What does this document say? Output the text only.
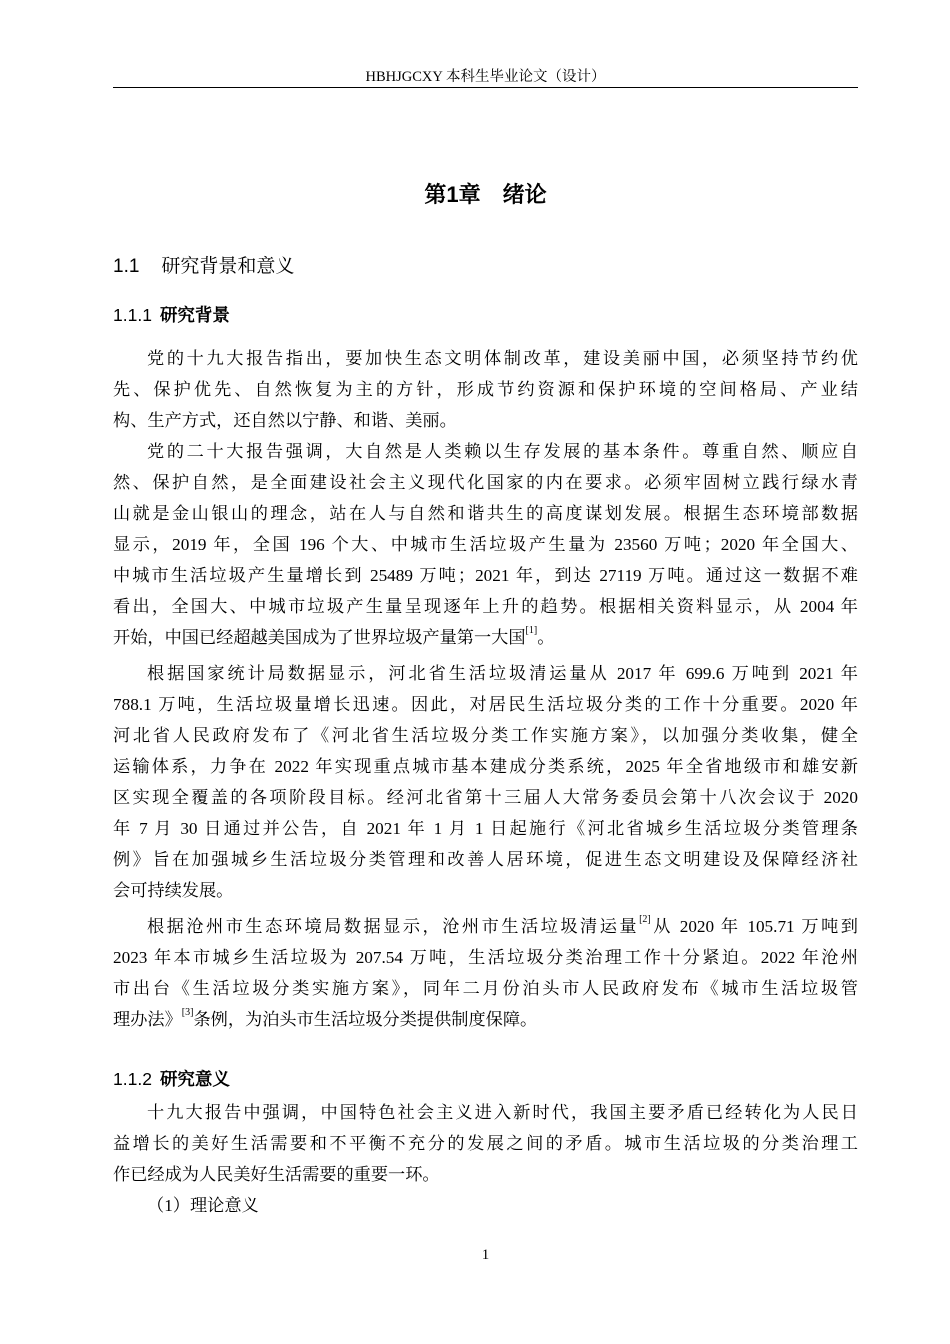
HBHJGCXY 本科生毕业论文（设计）
第1章　绪论
1.1 研究背景和意义
1.1.1 研究背景
党的十九大报告指出，要加快生态文明体制改革，建设美丽中国，必须坚持节约优
先、保护优先、自然恢复为主的方针，形成节约资源和保护环境的空间格局、产业结
构、生产方式，还自然以宁静、和谐、美丽。
党的二十大报告强调，大自然是人类赖以生存发展的基本条件。尊重自然、顺应自
然、保护自然，是全面建设社会主义现代化国家的内在要求。必须牢固树立践行绿水青
山就是金山银山的理念，站在人与自然和谐共生的高度谋划发展。根据生态环境部数据
显示，2019 年，全国 196 个大、中城市生活垃圾产生量为 23560 万吨；2020 年全国大、
中城市生活垃圾产生量增长到 25489 万吨；2021 年，到达 27119 万吨。通过这一数据不难
看出，全国大、中城市垃圾产生量呈现逐年上升的趋势。根据相关资料显示，从 2004 年
开始，中国已经超越美国成为了世界垃圾产量第一大国[1]。
根据国家统计局数据显示，河北省生活垃圾清运量从 2017 年 699.6 万吨到 2021 年
788.1 万吨，生活垃圾量增长迅速。因此，对居民生活垃圾分类的工作十分重要。2020 年
河北省人民政府发布了《河北省生活垃圾分类工作实施方案》，以加强分类收集，健全
运输体系，力争在 2022 年实现重点城市基本建成分类系统，2025 年全省地级市和雄安新
区实现全覆盖的各项阶段目标。经河北省第十三届人大常务委员会第十八次会议于 2020
年 7 月 30 日通过并公告，自 2021 年 1 月 1 日起施行《河北省城乡生活垃圾分类管理条
例》旨在加强城乡生活垃圾分类管理和改善人居环境，促进生态文明建设及保障经济社
会可持续发展。
根据沧州市生态环境局数据显示，沧州市生活垃圾清运量[2]从 2020 年 105.71 万吨到
2023 年本市城乡生活垃圾为 207.54 万吨，生活垃圾分类治理工作十分紧迫。2022 年沧州
市出台《生活垃圾分类实施方案》，同年二月份泊头市人民政府发布《城市生活垃圾管
理办法》[3]条例，为泊头市生活垃圾分类提供制度保障。
1.1.2 研究意义
十九大报告中强调，中国特色社会主义进入新时代，我国主要矛盾已经转化为人民日
益增长的美好生活需要和不平衡不充分的发展之间的矛盾。城市生活垃圾的分类治理工
作已经成为人民美好生活需要的重要一环。
（1）理论意义
1
